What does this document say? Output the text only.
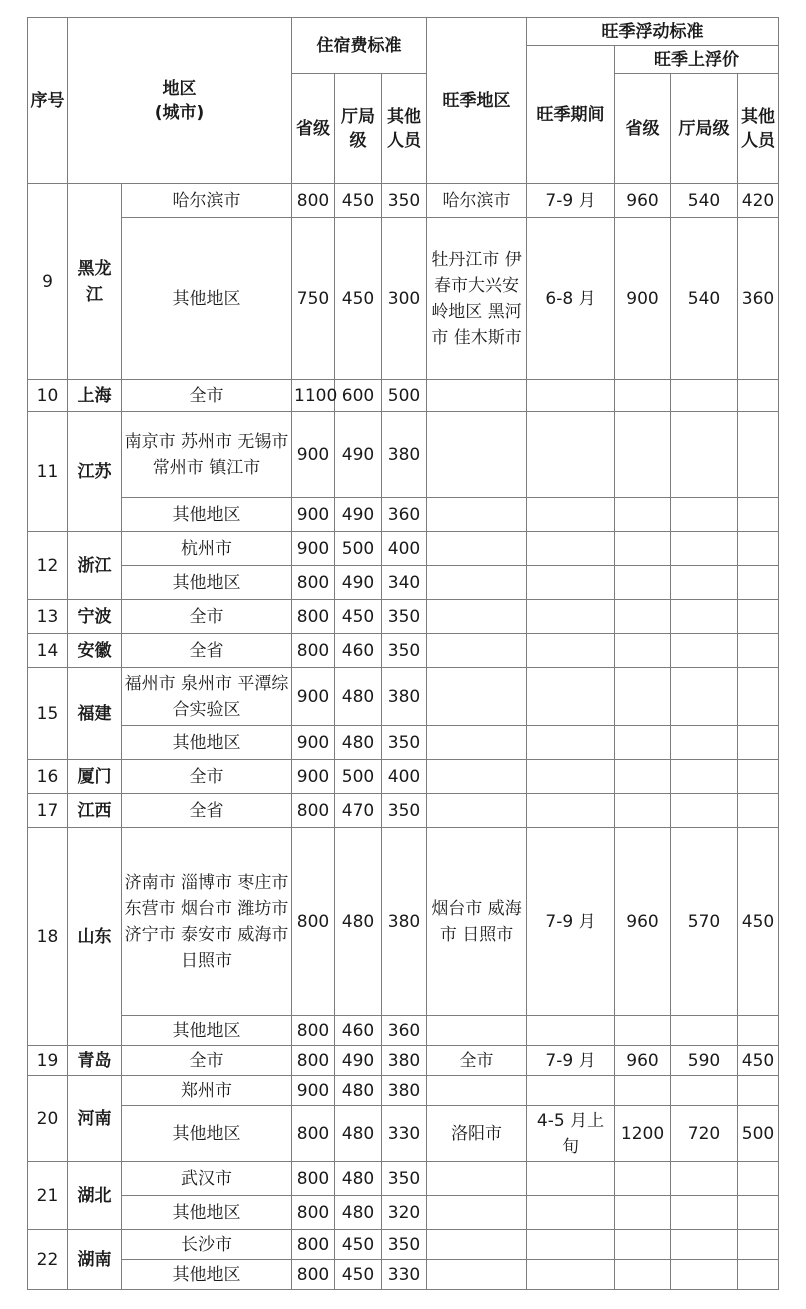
序号	地区
(城市)		住宿费标准			旺季地区	旺季浮动标准			
							旺季期间	旺季上浮价		
			省级	厅局级	其他人员			省级	厅局级	其他人员

9	黑龙江	哈尔滨市	800	450	350	哈尔滨市	7-9 月	960	540	420
		其他地区	750	450	300	牡丹江市 伊春市大兴安岭地区 黑河市 佳木斯市	6-8 月	900	540	360
10	上海	全市	1100	600	500					
11	江苏	南京市 苏州市 无锡市 常州市 镇江市	900	490	380					
		其他地区	900	490	360					
12	浙江	杭州市	900	500	400					
		其他地区	800	490	340					
13	宁波	全市	800	450	350					
14	安徽	全省	800	460	350					
15	福建	福州市 泉州市 平潭综合实验区	900	480	380					
		其他地区	900	480	350					
16	厦门	全市	900	500	400					
17	江西	全省	800	470	350					
18	山东	济南市 淄博市 枣庄市 东营市 烟台市 潍坊市 济宁市 泰安市 威海市 日照市	800	480	380	烟台市 威海市 日照市	7-9 月	960	570	450
		其他地区	800	460	360					
19	青岛	全市	800	490	380	全市	7-9 月	960	590	450
20	河南	郑州市	900	480	380					
		其他地区	800	480	330	洛阳市	4-5 月上旬	1200	720	500
21	湖北	武汉市	800	480	350					
		其他地区	800	480	320					
22	湖南	长沙市	800	450	350					
		其他地区	800	450	330					
